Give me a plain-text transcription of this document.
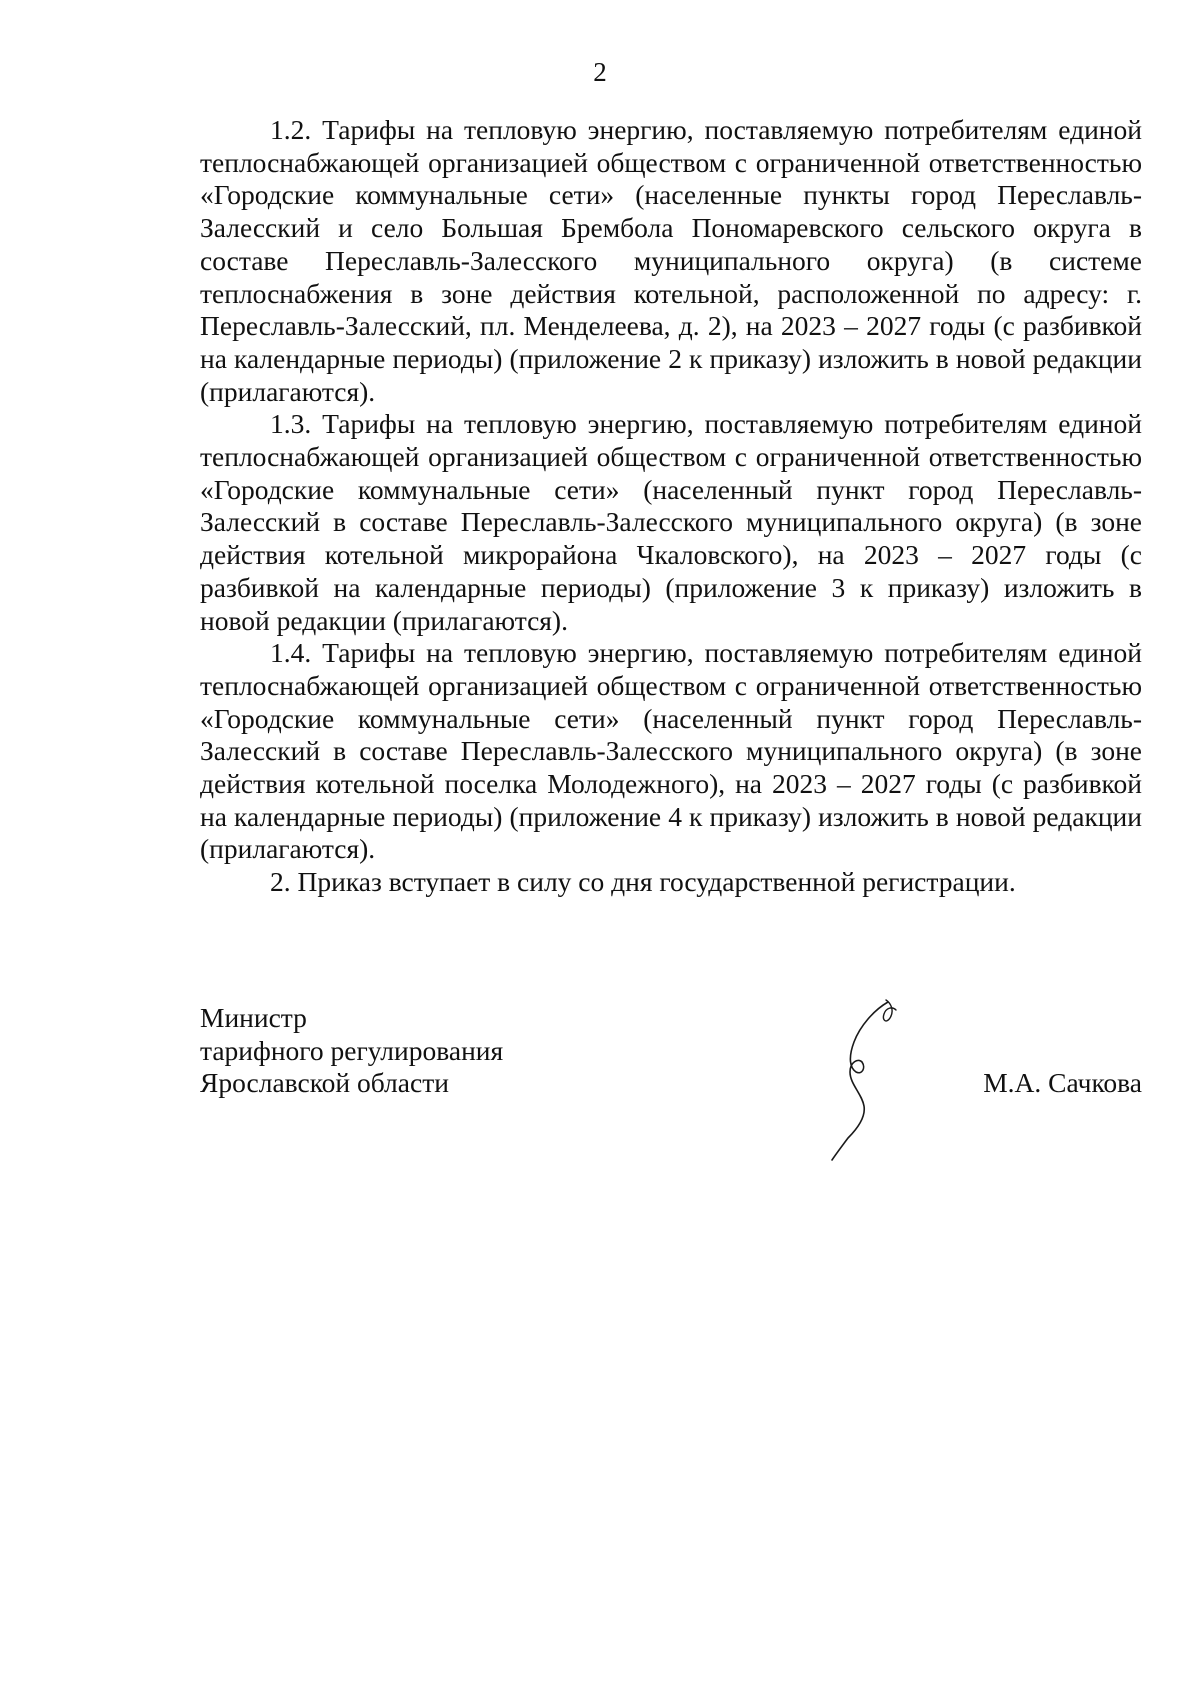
2

1.2. Тарифы на тепловую энергию, поставляемую потребителям единой теплоснабжающей организацией обществом с ограниченной ответственностью «Городские коммунальные сети» (населенные пункты город Переславль-Залесский и село Большая Брембола Пономаревского сельского округа в составе Переславль-Залесского муниципального округа) (в системе теплоснабжения в зоне действия котельной, расположенной по адресу: г. Переславль-Залесский, пл. Менделеева, д. 2), на 2023 – 2027 годы (с разбивкой на календарные периоды) (приложение 2 к приказу) изложить в новой редакции (прилагаются).

1.3. Тарифы на тепловую энергию, поставляемую потребителям единой теплоснабжающей организацией обществом с ограниченной ответственностью «Городские коммунальные сети» (населенный пункт город Переславль-Залесский в составе Переславль-Залесского муниципального округа) (в зоне действия котельной микрорайона Чкаловского), на 2023 – 2027 годы (с разбивкой на календарные периоды) (приложение 3 к приказу) изложить в новой редакции (прилагаются).

1.4. Тарифы на тепловую энергию, поставляемую потребителям единой теплоснабжающей организацией обществом с ограниченной ответственностью «Городские коммунальные сети» (населенный пункт город Переславль-Залесский в составе Переславль-Залесского муниципального округа) (в зоне действия котельной поселка Молодежного), на 2023 – 2027 годы (с разбивкой на календарные периоды) (приложение 4 к приказу) изложить в новой редакции (прилагаются).

2. Приказ вступает в силу со дня государственной регистрации.

Министр
тарифного регулирования
Ярославской области	М.А. Сачкова
